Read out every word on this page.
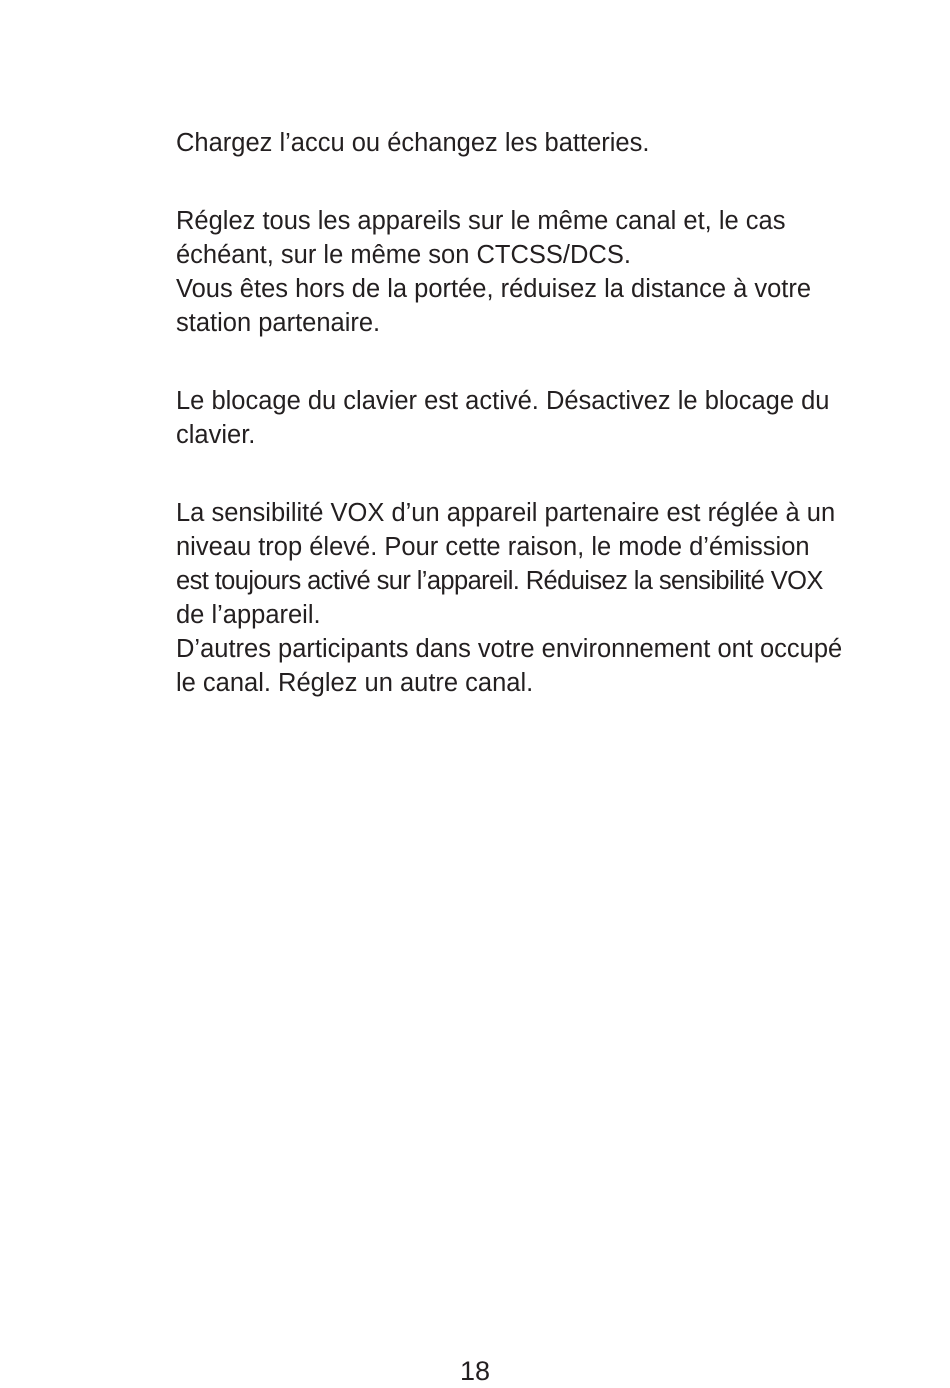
Chargez l’accu ou échangez les batteries.

Réglez tous les appareils sur le même canal et, le cas
échéant, sur le même son CTCSS/DCS.
Vous êtes hors de la portée, réduisez la distance à votre
station partenaire.

Le blocage du clavier est activé. Désactivez le blocage du
clavier.

La sensibilité VOX d’un appareil partenaire est réglée à un
niveau trop élevé. Pour cette raison, le mode d’émission
est toujours activé sur l’appareil. Réduisez la sensibilité VOX
de l’appareil.
D’autres participants dans votre environnement ont occupé
le canal. Réglez un autre canal.

18
